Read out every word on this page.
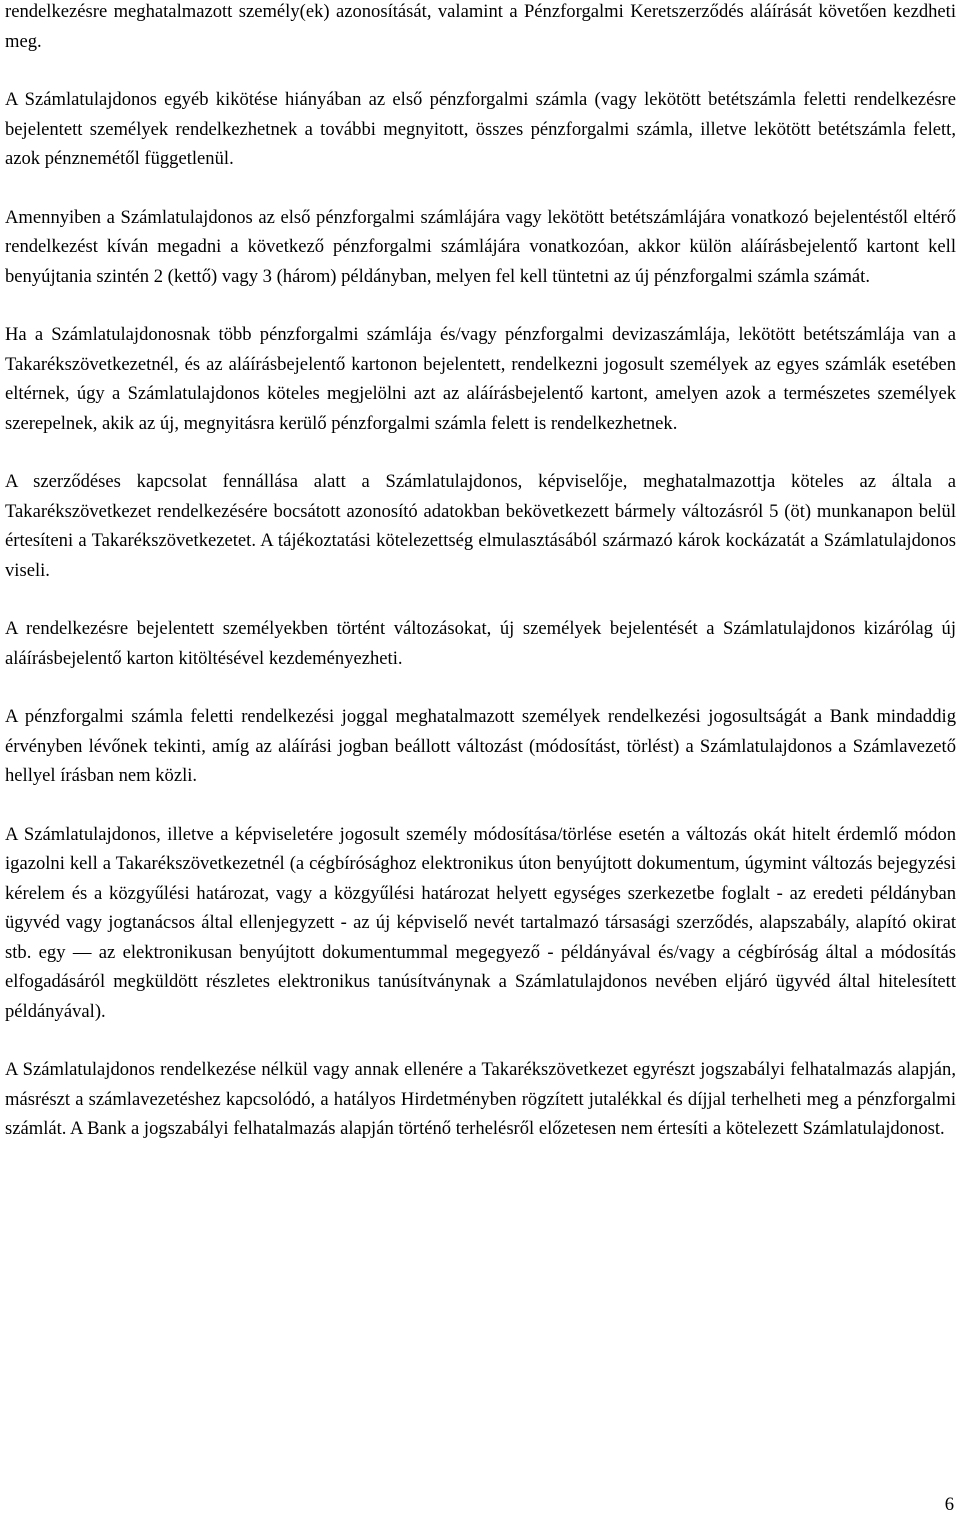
rendelkezésre meghatalmazott személy(ek) azonosítását, valamint a Pénzforgalmi Keretszerződés aláírását követően kezdheti meg.

A Számlatulajdonos egyéb kikötése hiányában az első pénzforgalmi számla (vagy lekötött betétszámla feletti rendelkezésre bejelentett személyek rendelkezhetnek a további megnyitott, összes pénzforgalmi számla, illetve lekötött betétszámla felett, azok pénznemétől függetlenül.

Amennyiben a Számlatulajdonos az első pénzforgalmi számlájára vagy lekötött betétszámlájára vonatkozó bejelentéstől eltérő rendelkezést kíván megadni a következő pénzforgalmi számlájára vonatkozóan, akkor külön aláírásbejelentő kartont kell benyújtania szintén 2 (kettő) vagy 3 (három) példányban, melyen fel kell tüntetni az új pénzforgalmi számla számát.

Ha a Számlatulajdonosnak több pénzforgalmi számlája és/vagy pénzforgalmi devizaszámlája, lekötött betétszámlája van a Takarékszövetkezetnél, és az aláírásbejelentő kartonon bejelentett, rendelkezni jogosult személyek az egyes számlák esetében eltérnek, úgy a Számlatulajdonos köteles megjelölni azt az aláírásbejelentő kartont, amelyen azok a természetes személyek szerepelnek, akik az új, megnyitásra kerülő pénzforgalmi számla felett is rendelkezhetnek.

A szerződéses kapcsolat fennállása alatt a Számlatulajdonos, képviselője, meghatalmazottja köteles az általa a Takarékszövetkezet rendelkezésére bocsátott azonosító adatokban bekövetkezett bármely változásról 5 (öt) munkanapon belül értesíteni a Takarékszövetkezetet. A tájékoztatási kötelezettség elmulasztásából származó károk kockázatát a Számlatulajdonos viseli.

A rendelkezésre bejelentett személyekben történt változásokat, új személyek bejelentését a Számlatulajdonos kizárólag új aláírásbejelentő karton kitöltésével kezdeményezheti.

A pénzforgalmi számla feletti rendelkezési joggal meghatalmazott személyek rendelkezési jogosultságát a Bank mindaddig érvényben lévőnek tekinti, amíg az aláírási jogban beállott változást (módosítást, törlést) a Számlatulajdonos a Számlavezető hellyel írásban nem közli.

A Számlatulajdonos, illetve a képviseletére jogosult személy módosítása/törlése esetén a változás okát hitelt érdemlő módon igazolni kell a Takarékszövetkezetnél (a cégbírósághoz elektronikus úton benyújtott dokumentum, úgymint változás bejegyzési kérelem és a közgyűlési határozat, vagy a közgyűlési határozat helyett egységes szerkezetbe foglalt - az eredeti példányban ügyvéd vagy jogtanácsos által ellenjegyzett - az új képviselő nevét tartalmazó társasági szerződés, alapszabály, alapító okirat stb. egy — az elektronikusan benyújtott dokumentummal megegyező - példányával és/vagy a cégbíróság által a módosítás elfogadásáról megküldött részletes elektronikus tanúsítványnak a Számlatulajdonos nevében eljáró ügyvéd által hitelesített példányával).

A Számlatulajdonos rendelkezése nélkül vagy annak ellenére a Takarékszövetkezet egyrészt jogszabályi felhatalmazás alapján, másrészt a számlavezetéshez kapcsolódó, a hatályos Hirdetményben rögzített jutalékkal és díjjal terhelheti meg a pénzforgalmi számlát. A Bank a jogszabályi felhatalmazás alapján történő terhelésről előzetesen nem értesíti a kötelezett Számlatulajdonost.

6
